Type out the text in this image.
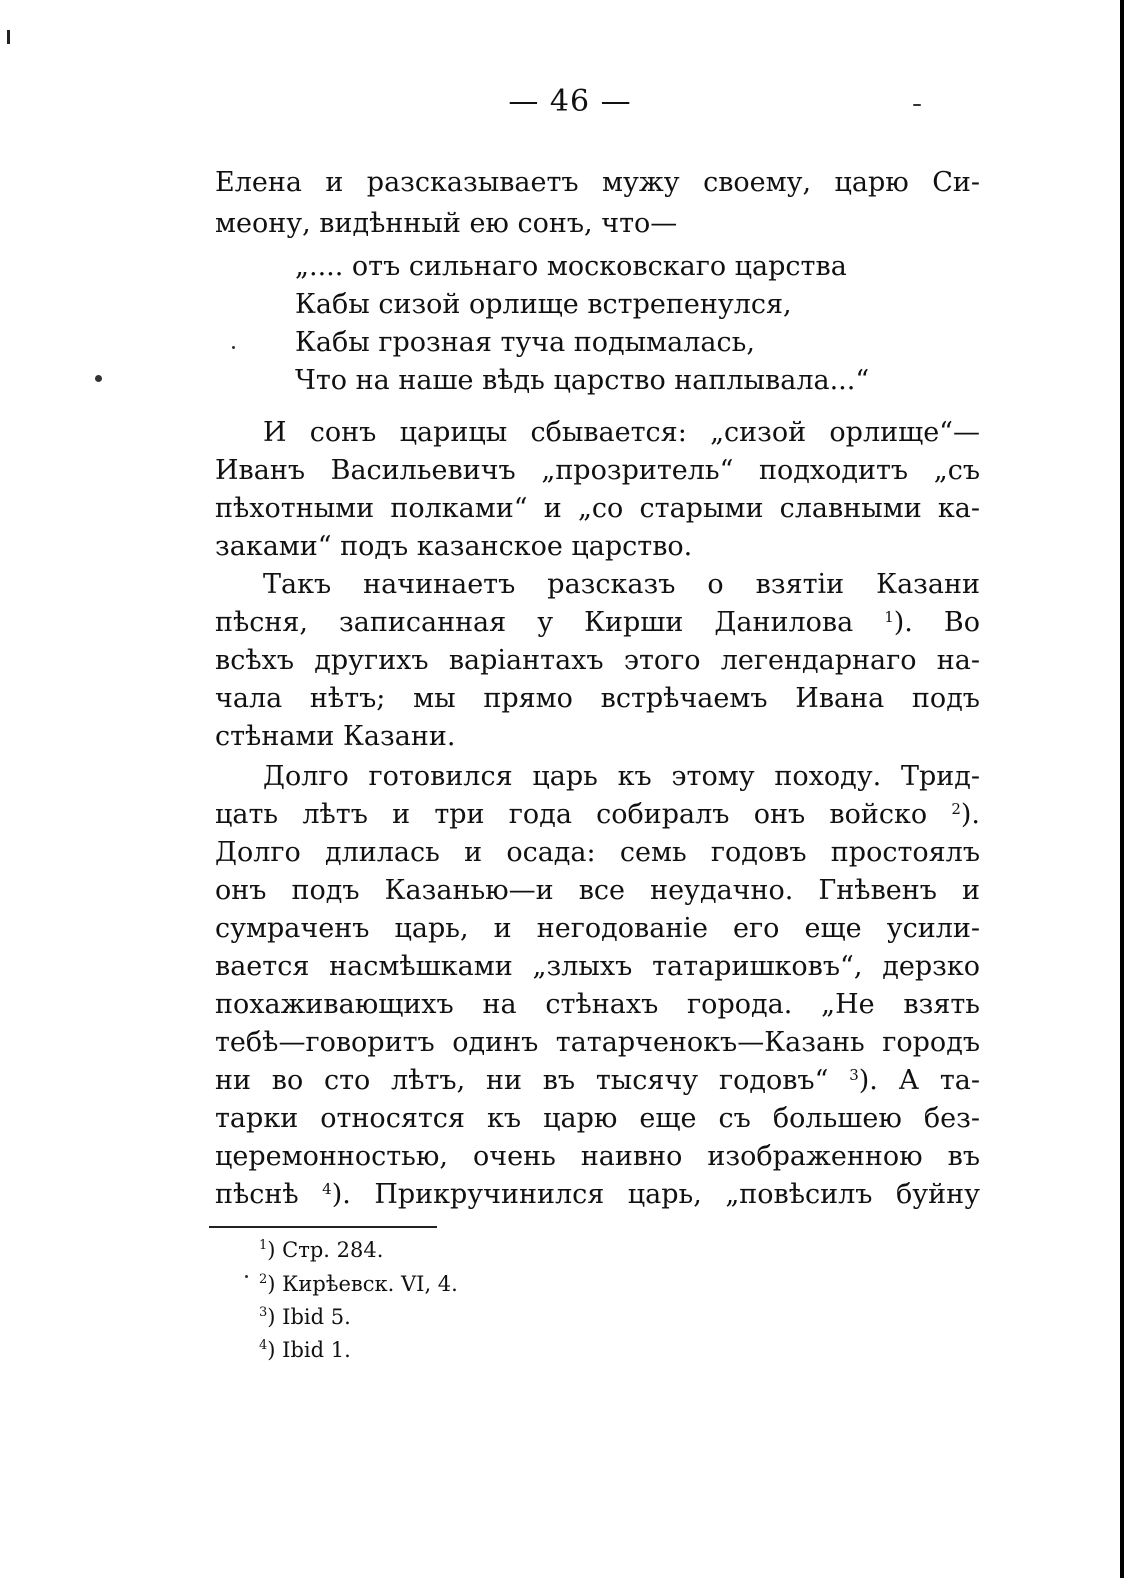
— 46 —
Елена и разсказываетъ мужу своему, царю Си-
меону, видѣнный ею сонъ, что—
„.... отъ сильнаго московскаго царства
Кабы сизой орлище встрепенулся,
Кабы грозная туча подымалась,
Что на наше вѣдь царство наплывала...“
И сонъ царицы сбывается: „сизой орлище“—
Иванъ Васильевичъ „прозритель“ подходитъ „съ
пѣхотными полками“ и „со старыми славными ка-
заками“ подъ казанское царство.
Такъ начинаетъ разсказъ о взятіи Казани
пѣсня, записанная у Кирши Данилова $^1$). Во
всѣхъ другихъ варіантахъ этого легендарнаго на-
чала нѣтъ; мы прямо встрѣчаемъ Ивана подъ
стѣнами Казани.
Долго готовился царь къ этому походу. Трид-
цать лѣтъ и три года собиралъ онъ войско $^2$).
Долго длилась и осада: семь годовъ простоялъ
онъ подъ Казанью—и все неудачно. Гнѣвенъ и
сумраченъ царь, и негодованіе его еще усили-
вается насмѣшками „злыхъ татаришковъ“, дерзко
похаживающихъ на стѣнахъ города. „Не взять
тебѣ—говоритъ одинъ татарченокъ—Казань городъ
ни во сто лѣтъ, ни въ тысячу годовъ“ $^3$). А та-
тарки относятся къ царю еще съ большею без-
церемонностью, очень наивно изображенною въ
пѣснѣ $^4$). Прикручинился царь, „повѣсилъ буйну
$^1$) Стр. 284.
$^2$) Кирѣевск. VI, 4.
$^3$) Ibid 5.
$^4$) Ibid 1.
